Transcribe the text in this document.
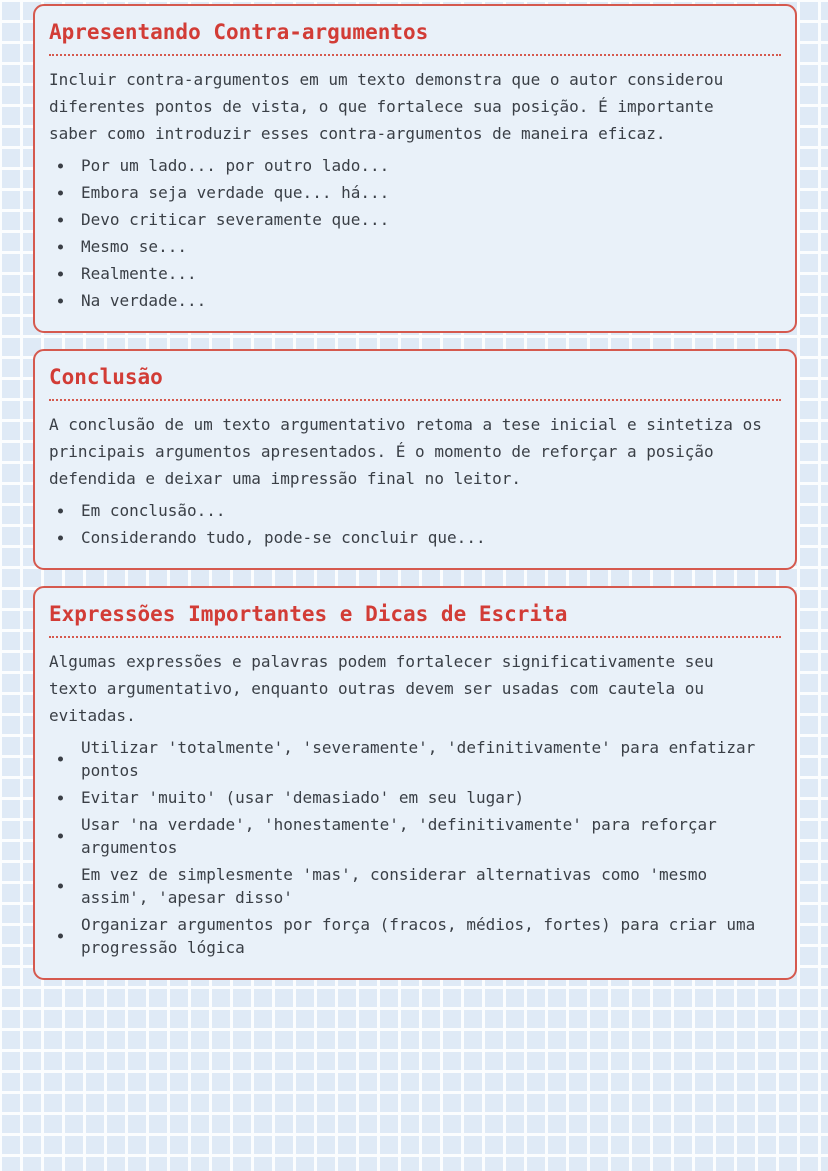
Apresentando Contra-argumentos

Incluir contra-argumentos em um texto demonstra que o autor considerou diferentes pontos de vista, o que fortalece sua posição. É importante saber como introduzir esses contra-argumentos de maneira eficaz.

Por um lado... por outro lado...
Embora seja verdade que... há...
Devo criticar severamente que...
Mesmo se...
Realmente...
Na verdade...
Conclusão

A conclusão de um texto argumentativo retoma a tese inicial e sintetiza os principais argumentos apresentados. É o momento de reforçar a posição defendida e deixar uma impressão final no leitor.

Em conclusão...
Considerando tudo, pode-se concluir que...
Expressões Importantes e Dicas de Escrita

Algumas expressões e palavras podem fortalecer significativamente seu texto argumentativo, enquanto outras devem ser usadas com cautela ou evitadas.

Utilizar 'totalmente', 'severamente', 'definitivamente' para enfatizar pontos
Evitar 'muito' (usar 'demasiado' em seu lugar)
Usar 'na verdade', 'honestamente', 'definitivamente' para reforçar argumentos
Em vez de simplesmente 'mas', considerar alternativas como 'mesmo assim', 'apesar disso'
Organizar argumentos por força (fracos, médios, fortes) para criar uma progressão lógica
